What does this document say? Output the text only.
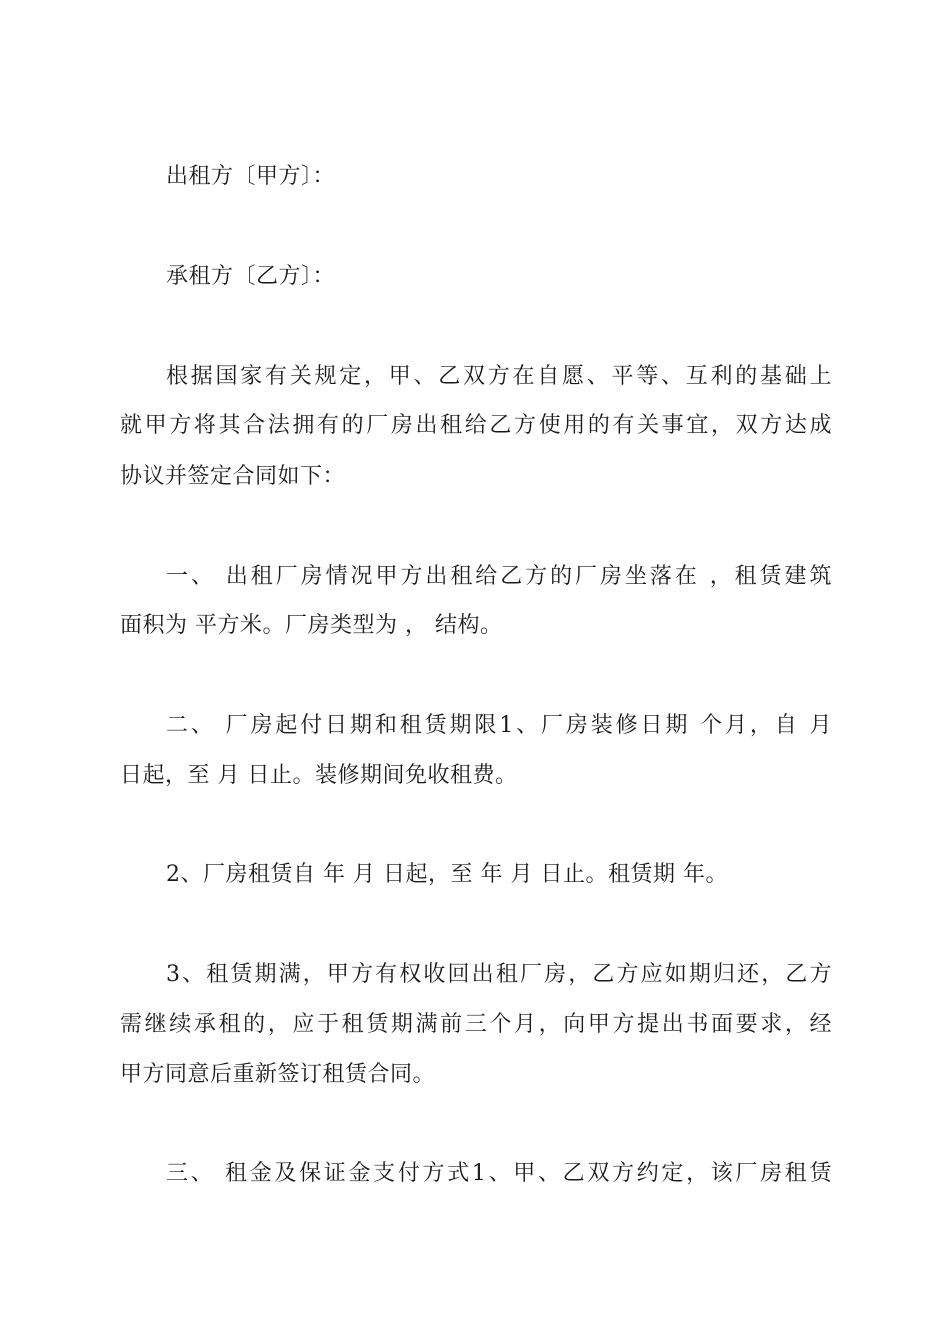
出租方〔甲方〕：
承租方〔乙方〕：
根据国家有关规定，甲、乙双方在自愿、平等、互利的基础上
就甲方将其合法拥有的厂房出租给乙方使用的有关事宜，双方达成
协议并签定合同如下：
一、 出租厂房情况甲方出租给乙方的厂房坐落在 ，租赁建筑
面积为 平方米。厂房类型为 ， 结构。
二、 厂房起付日期和租赁期限1、厂房装修日期 个月，自 月
日起，至 月 日止。装修期间免收租费。
2、厂房租赁自 年 月 日起，至 年 月 日止。租赁期 年。
3、租赁期满，甲方有权收回出租厂房，乙方应如期归还，乙方
需继续承租的，应于租赁期满前三个月，向甲方提出书面要求，经
甲方同意后重新签订租赁合同。
三、 租金及保证金支付方式1、甲、乙双方约定，该厂房租赁
